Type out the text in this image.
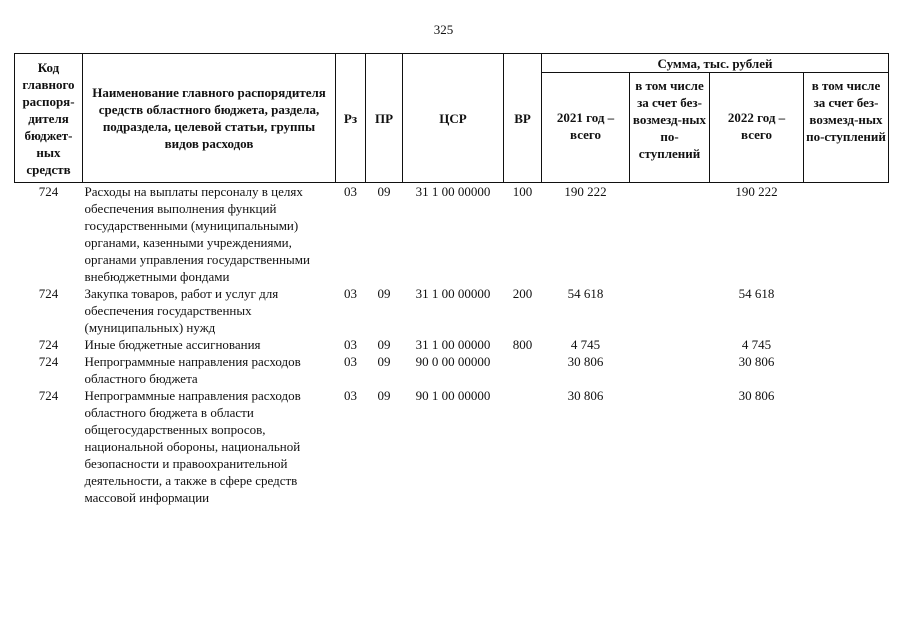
325
Код главного распоря-дителя бюджет-ных средств	Наименование главного распорядителя средств областного бюджета, раздела, подраздела, целевой статьи, группы видов расходов	Рз	ПР	ЦСР	ВР	Сумма, тыс. рублей			
						2021 год – всего	в том числе за счет без-возмезд-ных по-ступлений	2022 год – всего	в том числе за счет без-возмезд-ных по-ступлений
724	Расходы на выплаты персоналу в целях обеспечения выполнения функций государственными (муниципальными) органами, казенными учреждениями, органами управления государственными внебюджетными фондами	03	09	31 1 00 00000	100	190 222		190 222	
724	Закупка товаров, работ и услуг для обеспечения государственных (муниципальных) нужд	03	09	31 1 00 00000	200	54 618		54 618	
724	Иные бюджетные ассигнования	03	09	31 1 00 00000	800	4 745		4 745	
724	Непрограммные направления расходов областного бюджета	03	09	90 0 00 00000		30 806		30 806	
724	Непрограммные направления расходов областного бюджета в области общегосударственных вопросов, национальной обороны, национальной безопасности и правоохранительной деятельности, а также в сфере средств массовой информации	03	09	90 1 00 00000		30 806		30 806	
